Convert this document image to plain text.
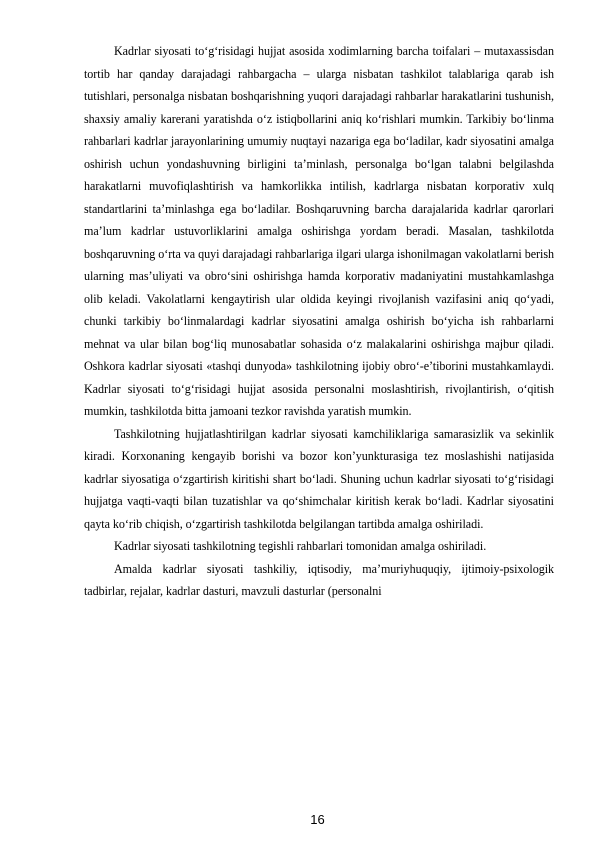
Kadrlar siyosati to‘g‘risidagi hujjat asosida xodimlarning barcha toifalari – mutaxassisdan tortib har qanday darajadagi rahbargacha – ularga nisbatan tashkilot talablariga qarab ish tutishlari, personalga nisbatan boshqarishning yuqori darajadagi rahbarlar harakatlarini tushunish, shaxsiy amaliy karerani yaratishda o‘z istiqbollarini aniq ko‘rishlari mumkin. Tarkibiy bo‘linma rahbarlari kadrlar jarayonlarining umumiy nuqtayi nazariga ega bo‘ladilar, kadr siyosatini amalga oshirish uchun yondashuvning birligini ta’minlash, personalga bo‘lgan talabni belgilashda harakatlarni muvofiqlashtirish va hamkorlikka intilish, kadrlarga nisbatan korporativ xulq standartlarini ta’minlashga ega bo‘ladilar. Boshqaruvning barcha darajalarida kadrlar qarorlari ma’lum kadrlar ustuvorliklarini amalga oshirishga yordam beradi. Masalan, tashkilotda boshqaruvning o‘rta va quyi darajadagi rahbarlariga ilgari ularga ishonilmagan vakolatlarni berish ularning mas’uliyati va obro‘sini oshirishga hamda korporativ madaniyatini mustahkamlashga olib keladi. Vakolatlarni kengaytirish ular oldida keyingi rivojlanish vazifasini aniq qo‘yadi, chunki tarkibiy bo‘linmalardagi kadrlar siyosatini amalga oshirish bo‘yicha ish rahbarlarni mehnat va ular bilan bog‘liq munosabatlar sohasida o‘z malakalarini oshirishga majbur qiladi. Oshkora kadrlar siyosati «tashqi dunyoda» tashkilotning ijobiy obro‘-e’tiborini mustahkamlaydi. Kadrlar siyosati to‘g‘risidagi hujjat asosida personalni moslashtirish, rivojlantirish, o‘qitish mumkin, tashkilotda bitta jamoani tezkor ravishda yaratish mumkin.

Tashkilotning hujjatlashtirilgan kadrlar siyosati kamchiliklariga samarasizlik va sekinlik kiradi. Korxonaning kengayib borishi va bozor kon’yunkturasiga tez moslashishi natijasida kadrlar siyosatiga o‘zgartirish kiritishi shart bo‘ladi. Shuning uchun kadrlar siyosati to‘g‘risidagi hujjatga vaqti-vaqti bilan tuzatishlar va qo‘shimchalar kiritish kerak bo‘ladi. Kadrlar siyosatini qayta ko‘rib chiqish, o‘zgartirish tashkilotda belgilangan tartibda amalga oshiriladi.

Kadrlar siyosati tashkilotning tegishli rahbarlari tomonidan amalga oshiriladi.

Amalda kadrlar siyosati tashkiliy, iqtisodiy, ma’muriyhuquqiy, ijtimoiy-psixologik tadbirlar, rejalar, kadrlar dasturi, mavzuli dasturlar (personalni

16
